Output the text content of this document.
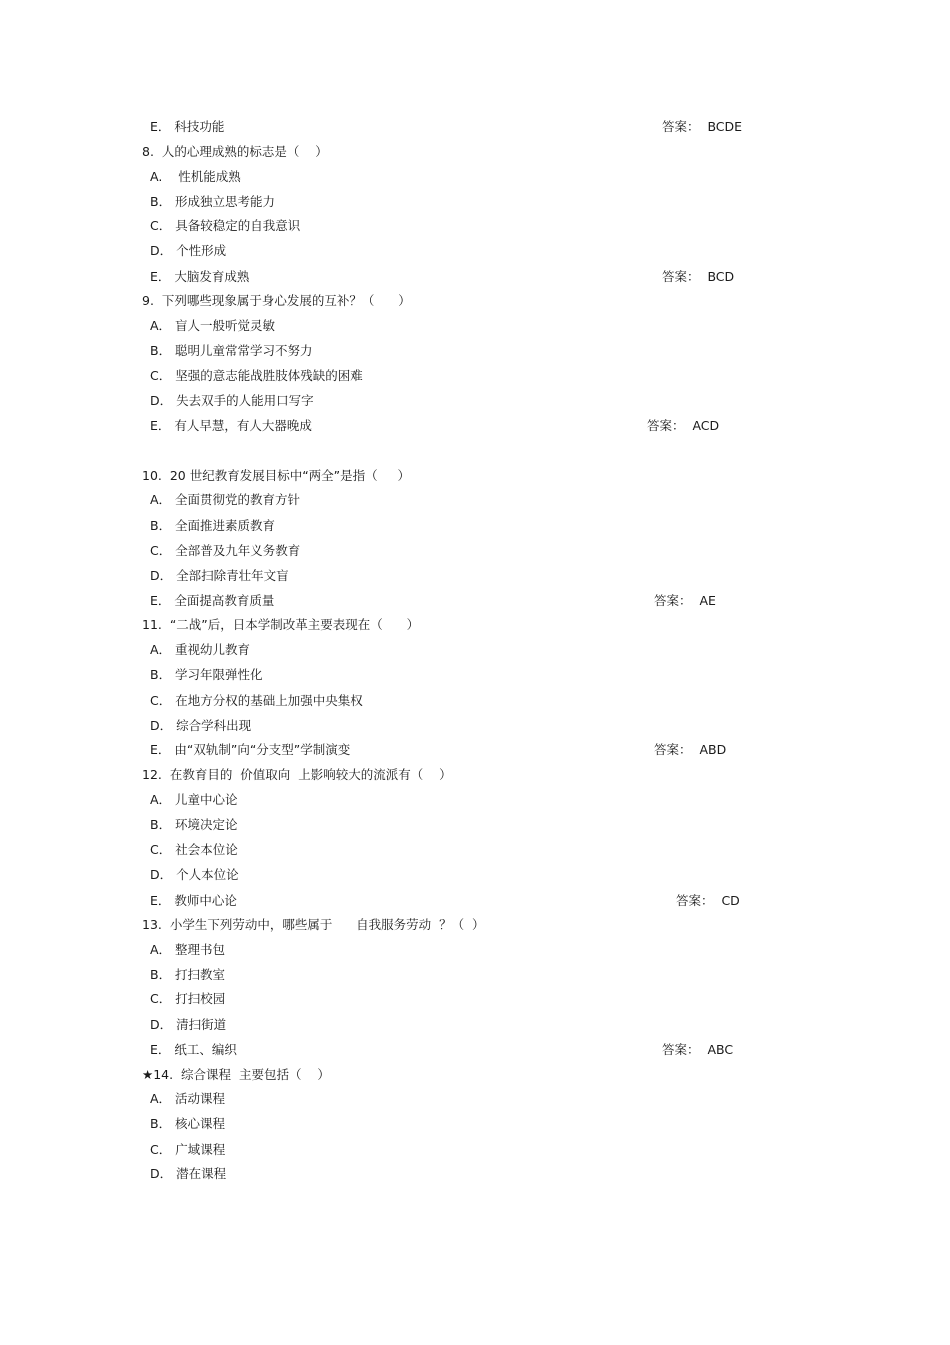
E． 科技功能	答案：  BCDE
8.  人的心理成熟的标志是（    ）
A.    性机能成熟
B． 形成独立思考能力
C． 具备较稳定的自我意识
D． 个性形成
E． 大脑发育成熟	答案：  BCD
9.  下列哪些现象属于身心发展的互补？（      ）
A． 盲人一般听觉灵敏
B． 聪明儿童常常学习不努力
C． 坚强的意志能战胜肢体残缺的困难
D． 失去双手的人能用口写字
E． 有人早慧，有人大器晚成	答案：  ACD
10.  20 世纪教育发展目标中“两全”是指（     ）
A． 全面贯彻党的教育方针
B． 全面推进素质教育
C． 全部普及九年义务教育
D． 全部扫除青壮年文盲
E． 全面提高教育质量	答案：  AE
11.  “二战”后，日本学制改革主要表现在（      ）
A． 重视幼儿教育
B． 学习年限弹性化
C． 在地方分权的基础上加强中央集权
D． 综合学科出现
E． 由“双轨制”向“分支型”学制演变	答案：  ABD
12.  在教育目的  价值取向  上影响较大的流派有（    ）
A． 儿童中心论
B． 环境决定论
C． 社会本位论
D． 个人本位论
E． 教师中心论	答案：  CD
13.  小学生下列劳动中，哪些属于      自我服务劳动  ？（  ）
A． 整理书包
B． 打扫教室
C． 打扫校园
D． 清扫街道
E． 纸工、编织	答案：  ABC
★14.  综合课程  主要包括（    ）
A． 活动课程
B． 核心课程
C． 广域课程
D． 潜在课程
